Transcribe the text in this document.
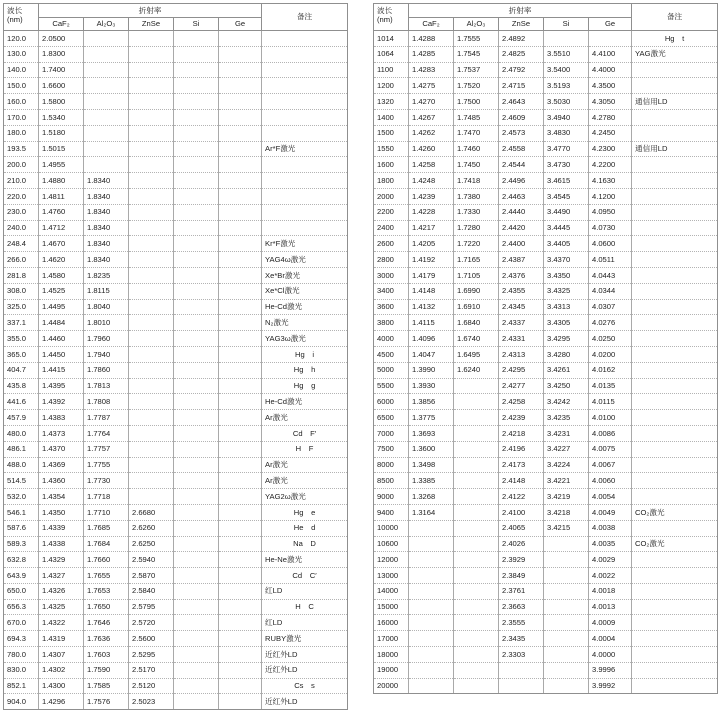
波长
(nm)	折射率					备注
	CaF₂	Al₂O₃	ZnSe	Si	Ge	
120.0	2.0500					
130.0	1.8300					
140.0	1.7400					
150.0	1.6600					
160.0	1.5800					
170.0	1.5340					
180.0	1.5180					
193.5	1.5015					Ar*F激光
200.0	1.4955					
210.0	1.4880	1.8340				
220.0	1.4811	1.8340				
230.0	1.4760	1.8340				
240.0	1.4712	1.8340				
248.4	1.4670	1.8340				Kr*F激光
266.0	1.4620	1.8340				YAG4ω激光
281.8	1.4580	1.8235				Xe*Br激光
308.0	1.4525	1.8115				Xe*Cl激光
325.0	1.4495	1.8040				He-Cd激光
337.1	1.4484	1.8010				N₂激光
355.0	1.4460	1.7960				YAG3ω激光
365.0	1.4450	1.7940				Hg　i
404.7	1.4415	1.7860				Hg　h
435.8	1.4395	1.7813				Hg　g
441.6	1.4392	1.7808				He-Cd激光
457.9	1.4383	1.7787				Ar激光
480.0	1.4373	1.7764				Cd　F′
486.1	1.4370	1.7757				H　F
488.0	1.4369	1.7755				Ar激光
514.5	1.4360	1.7730				Ar激光
532.0	1.4354	1.7718				YAG2ω激光
546.1	1.4350	1.7710	2.6680			Hg　e
587.6	1.4339	1.7685	2.6260			He　d
589.3	1.4338	1.7684	2.6250			Na　D
632.8	1.4329	1.7660	2.5940			He-Ne激光
643.9	1.4327	1.7655	2.5870			Cd　C′
650.0	1.4326	1.7653	2.5840			红LD
656.3	1.4325	1.7650	2.5795			H　C
670.0	1.4322	1.7646	2.5720			红LD
694.3	1.4319	1.7636	2.5600			RUBY激光
780.0	1.4307	1.7603	2.5295			近红外LD
830.0	1.4302	1.7590	2.5170			近红外LD
852.1	1.4300	1.7585	2.5120			Cs　s
904.0	1.4296	1.7576	2.5023			近红外LD
波长
(nm)	折射率					备注
	CaF₂	Al₂O₃	ZnSe	Si	Ge	
1014	1.4288	1.7555	2.4892			Hg　t
1064	1.4285	1.7545	2.4825	3.5510	4.4100	YAG激光
1100	1.4283	1.7537	2.4792	3.5400	4.4000	
1200	1.4275	1.7520	2.4715	3.5193	4.3500	
1320	1.4270	1.7500	2.4643	3.5030	4.3050	通信用LD
1400	1.4267	1.7485	2.4609	3.4940	4.2780	
1500	1.4262	1.7470	2.4573	3.4830	4.2450	
1550	1.4260	1.7460	2.4558	3.4770	4.2300	通信用LD
1600	1.4258	1.7450	2.4544	3.4730	4.2200	
1800	1.4248	1.7418	2.4496	3.4615	4.1630	
2000	1.4239	1.7380	2.4463	3.4545	4.1200	
2200	1.4228	1.7330	2.4440	3.4490	4.0950	
2400	1.4217	1.7280	2.4420	3.4445	4.0730	
2600	1.4205	1.7220	2.4400	3.4405	4.0600	
2800	1.4192	1.7165	2.4387	3.4370	4.0511	
3000	1.4179	1.7105	2.4376	3.4350	4.0443	
3400	1.4148	1.6990	2.4355	3.4325	4.0344	
3600	1.4132	1.6910	2.4345	3.4313	4.0307	
3800	1.4115	1.6840	2.4337	3.4305	4.0276	
4000	1.4096	1.6740	2.4331	3.4295	4.0250	
4500	1.4047	1.6495	2.4313	3.4280	4.0200	
5000	1.3990	1.6240	2.4295	3.4261	4.0162	
5500	1.3930		2.4277	3.4250	4.0135	
6000	1.3856		2.4258	3.4242	4.0115	
6500	1.3775		2.4239	3.4235	4.0100	
7000	1.3693		2.4218	3.4231	4.0086	
7500	1.3600		2.4196	3.4227	4.0075	
8000	1.3498		2.4173	3.4224	4.0067	
8500	1.3385		2.4148	3.4221	4.0060	
9000	1.3268		2.4122	3.4219	4.0054	
9400	1.3164		2.4100	3.4218	4.0049	CO₂激光
10000			2.4065	3.4215	4.0038	
10600			2.4026		4.0035	CO₂激光
12000			2.3929		4.0029	
13000			2.3849		4.0022	
14000			2.3761		4.0018	
15000			2.3663		4.0013	
16000			2.3555		4.0009	
17000			2.3435		4.0004	
18000			2.3303		4.0000	
19000					3.9996	
20000					3.9992	
